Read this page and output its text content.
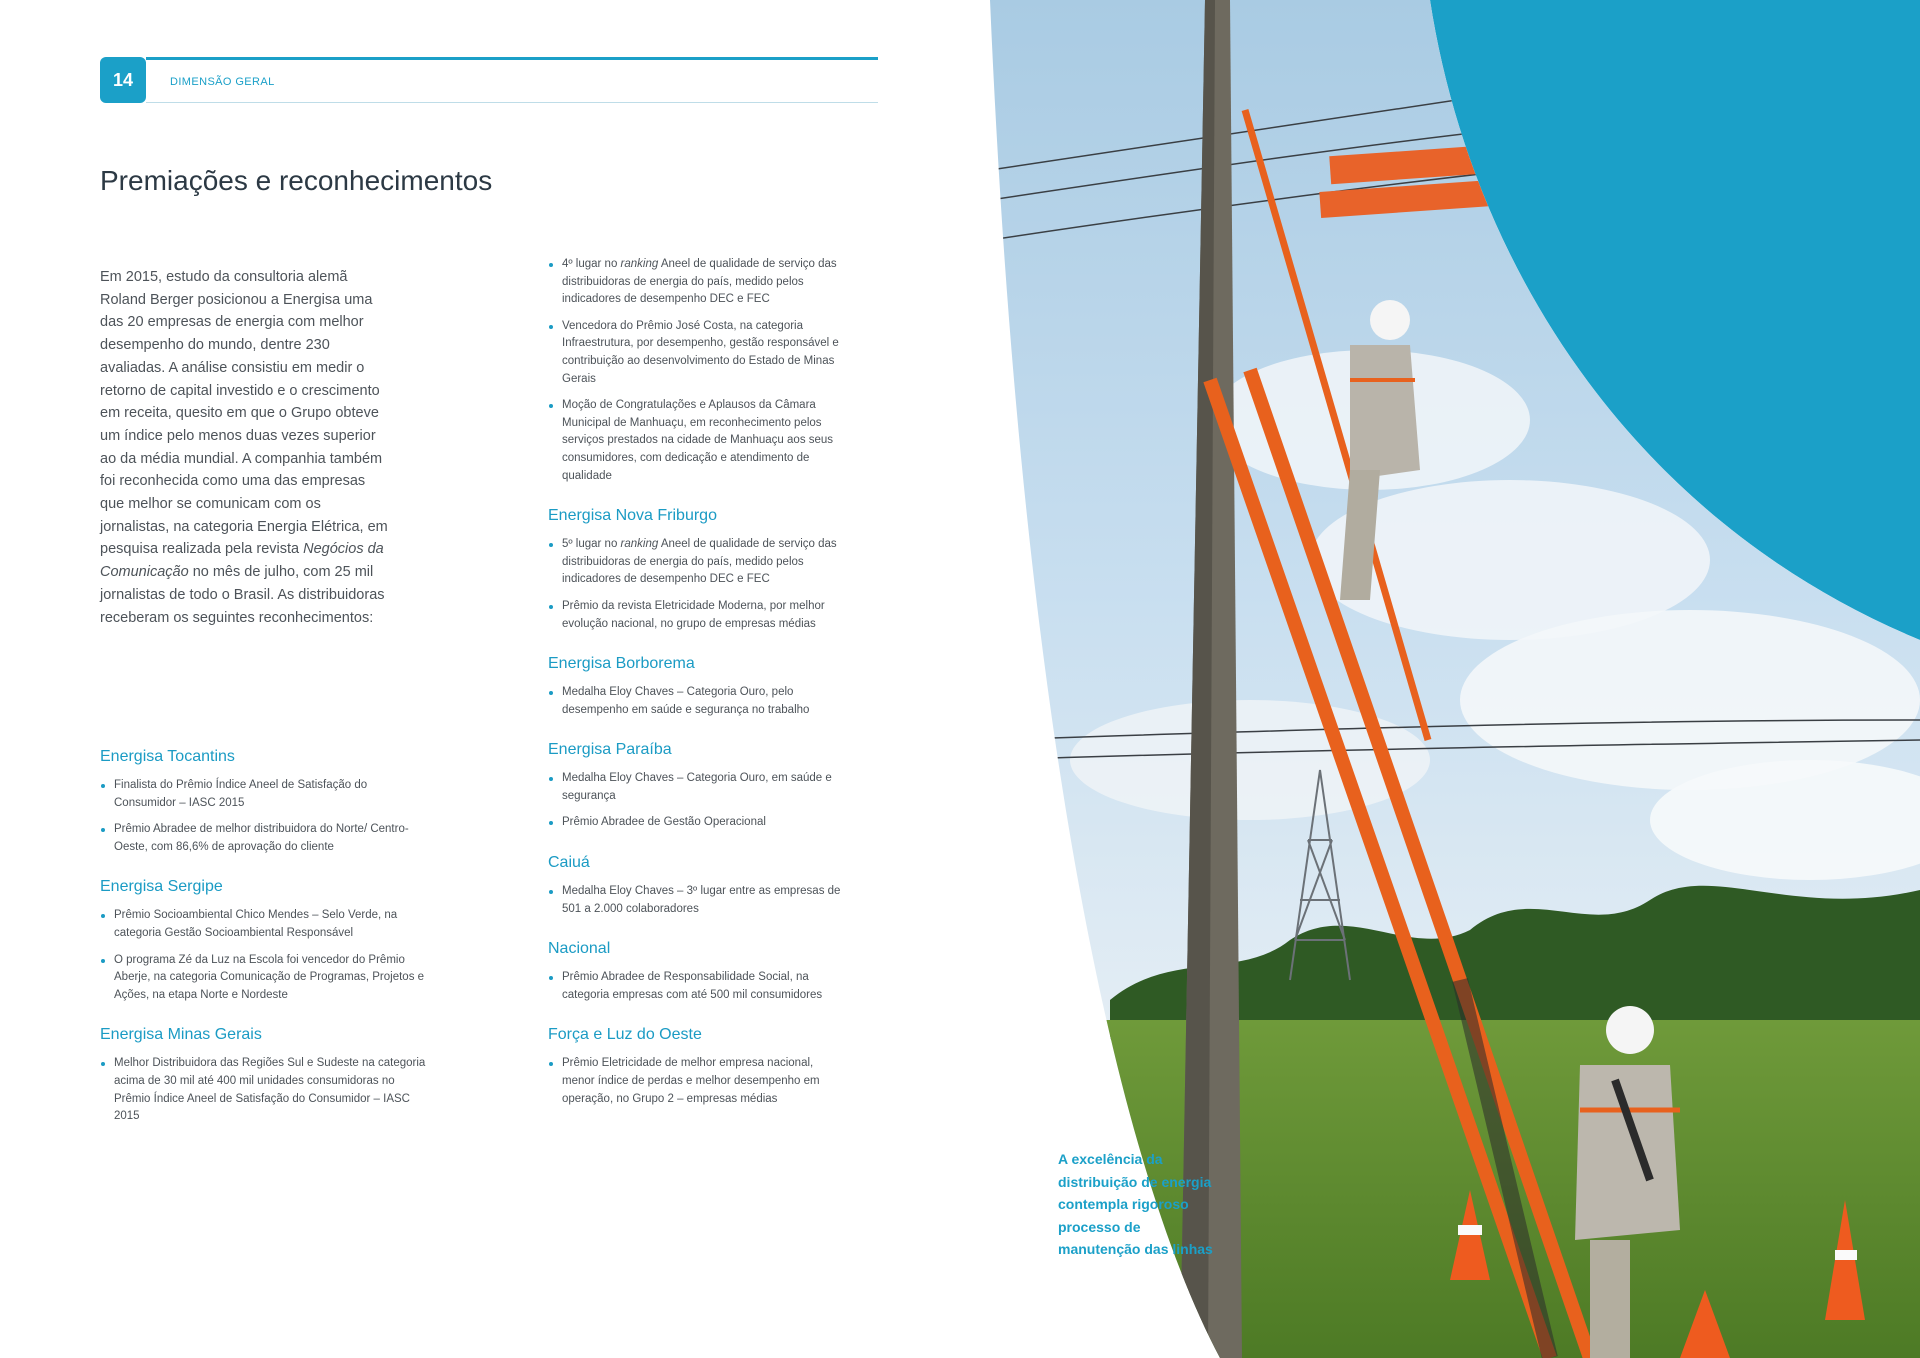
14	DIMENSÃO GERAL
Premiações e reconhecimentos

Em 2015, estudo da consultoria alemã Roland Berger posicionou a Energisa uma das 20 empresas de energia com melhor desempenho do mundo, dentre 230 avaliadas. A análise consistiu em medir o retorno de capital investido e o crescimento em receita, quesito em que o Grupo obteve um índice pelo menos duas vezes superior ao da média mundial. A companhia também foi reconhecida como uma das empresas que melhor se comunicam com os jornalistas, na categoria Energia Elétrica, em pesquisa realizada pela revista Negócios da Comunicação no mês de julho, com 25 mil jornalistas de todo o Brasil. As distribuidoras receberam os seguintes reconhecimentos:

Energisa Tocantins
Finalista do Prêmio Índice Aneel de Satisfação do Consumidor – IASC 2015
Prêmio Abradee de melhor distribuidora do Norte/ Centro-Oeste, com 86,6% de aprovação do cliente
Energisa Sergipe
Prêmio Socioambiental Chico Mendes – Selo Verde, na categoria Gestão Socioambiental Responsável
O programa Zé da Luz na Escola foi vencedor do Prêmio Aberje, na categoria Comunicação de Programas, Projetos e Ações, na etapa Norte e Nordeste
Energisa Minas Gerais
Melhor Distribuidora das Regiões Sul e Sudeste na categoria acima de 30 mil até 400 mil unidades consumidoras no Prêmio Índice Aneel de Satisfação do Consumidor – IASC 2015
4º lugar no ranking Aneel de qualidade de serviço das distribuidoras de energia do país, medido pelos indicadores de desempenho DEC e FEC
Vencedora do Prêmio José Costa, na categoria Infraestrutura, por desempenho, gestão responsável e contribuição ao desenvolvimento do Estado de Minas Gerais
Moção de Congratulações e Aplausos da Câmara Municipal de Manhuaçu, em reconhecimento pelos serviços prestados na cidade de Manhuaçu aos seus consumidores, com dedicação e atendimento de qualidade
Energisa Nova Friburgo
5º lugar no ranking Aneel de qualidade de serviço das distribuidoras de energia do país, medido pelos indicadores de desempenho DEC e FEC
Prêmio da revista Eletricidade Moderna, por melhor evolução nacional, no grupo de empresas médias
Energisa Borborema
Medalha Eloy Chaves – Categoria Ouro, pelo desempenho em saúde e segurança no trabalho
Energisa Paraíba
Medalha Eloy Chaves – Categoria Ouro, em saúde e segurança
Prêmio Abradee de Gestão Operacional
Caiuá
Medalha Eloy Chaves – 3º lugar entre as empresas de 501 a 2.000 colaboradores
Nacional
Prêmio Abradee de Responsabilidade Social, na categoria empresas com até 500 mil consumidores
Força e Luz do Oeste
Prêmio Eletricidade de melhor empresa nacional, menor índice de perdas e melhor desempenho em operação, no Grupo 2 – empresas médias

A excelência da distribuição de energia contempla rigoroso processo de manutenção das linhas
